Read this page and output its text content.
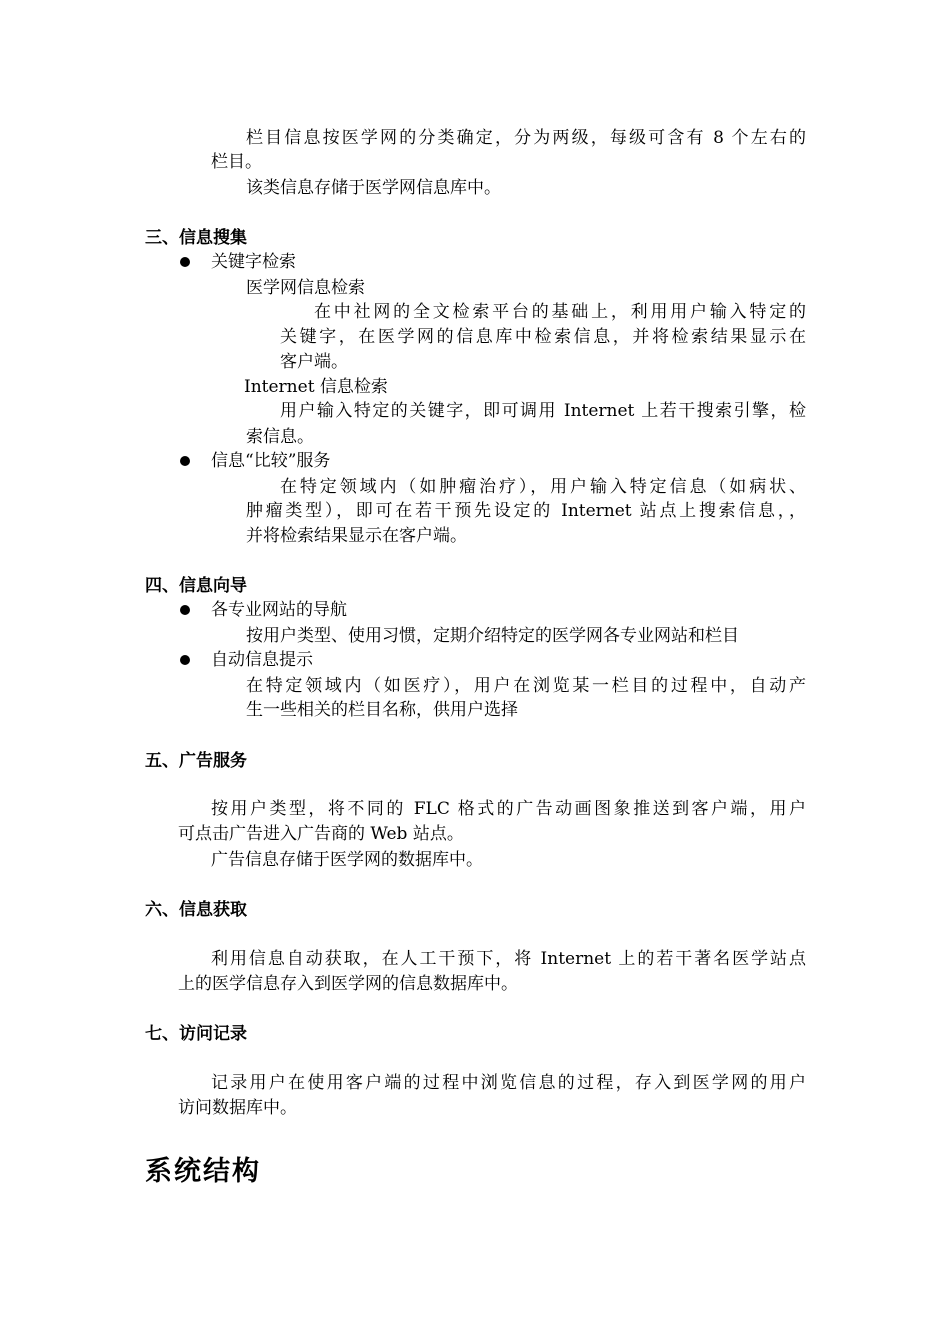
栏目信息按医学网的分类确定，分为两级，每级可含有 8 个左右的
栏目。
该类信息存储于医学网信息库中。
三、信息搜集
关键字检索
医学网信息检索
在中社网的全文检索平台的基础上，利用用户输入特定的
关键字，在医学网的信息库中检索信息，并将检索结果显示在
客户端。
Internet 信息检索
用户输入特定的关键字，即可调用 Internet 上若干搜索引擎，检
索信息。
信息“比较”服务
在特定领域内（如肿瘤治疗），用户输入特定信息（如病状、
肿瘤类型），即可在若干预先设定的 Internet 站点上搜索信息，，
并将检索结果显示在客户端。
四、信息向导
各专业网站的导航
按用户类型、使用习惯，定期介绍特定的医学网各专业网站和栏目
自动信息提示
在特定领域内（如医疗），用户在浏览某一栏目的过程中，自动产
生一些相关的栏目名称，供用户选择
五、广告服务
按用户类型，将不同的 FLC 格式的广告动画图象推送到客户端，用户
可点击广告进入广告商的 Web 站点。
广告信息存储于医学网的数据库中。
六、信息获取
利用信息自动获取，在人工干预下，将 Internet 上的若干著名医学站点
上的医学信息存入到医学网的信息数据库中。
七、访问记录
记录用户在使用客户端的过程中浏览信息的过程，存入到医学网的用户
访问数据库中。
系统结构
